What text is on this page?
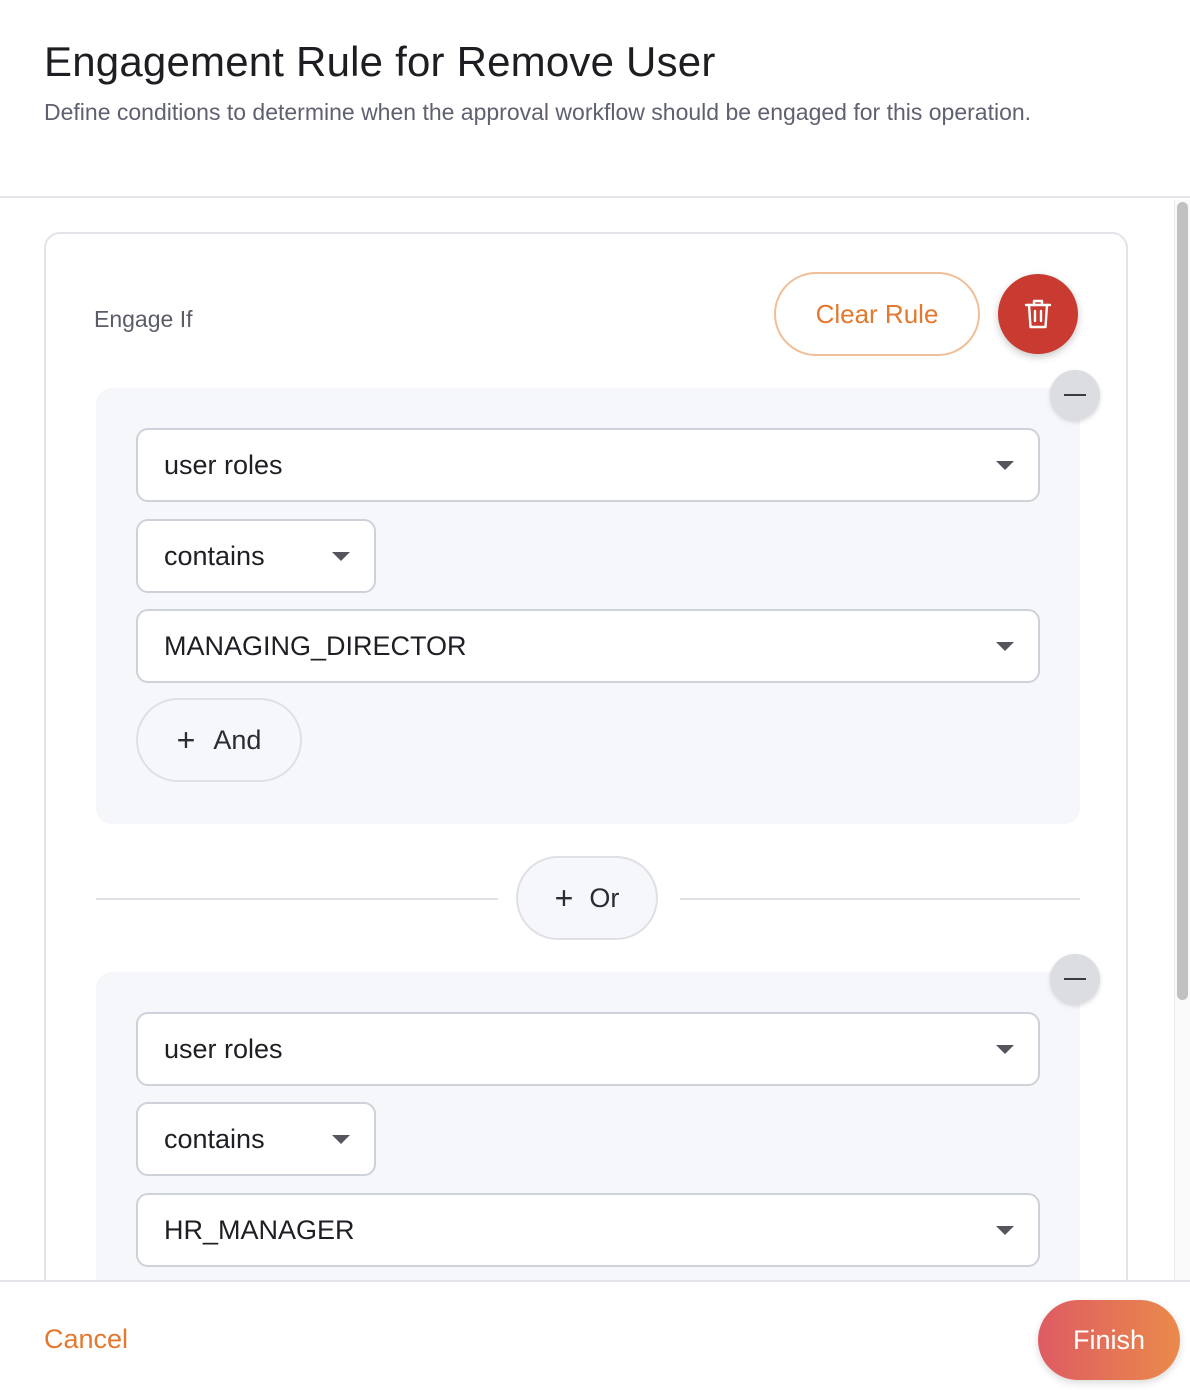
Engagement Rule for Remove User

Define conditions to determine when the approval workflow should be engaged for this operation.

Engage If	Clear Rule
user roles
contains
MANAGING_DIRECTOR
+ And
+ Or
user roles
contains
HR_MANAGER
Cancel	Finish
